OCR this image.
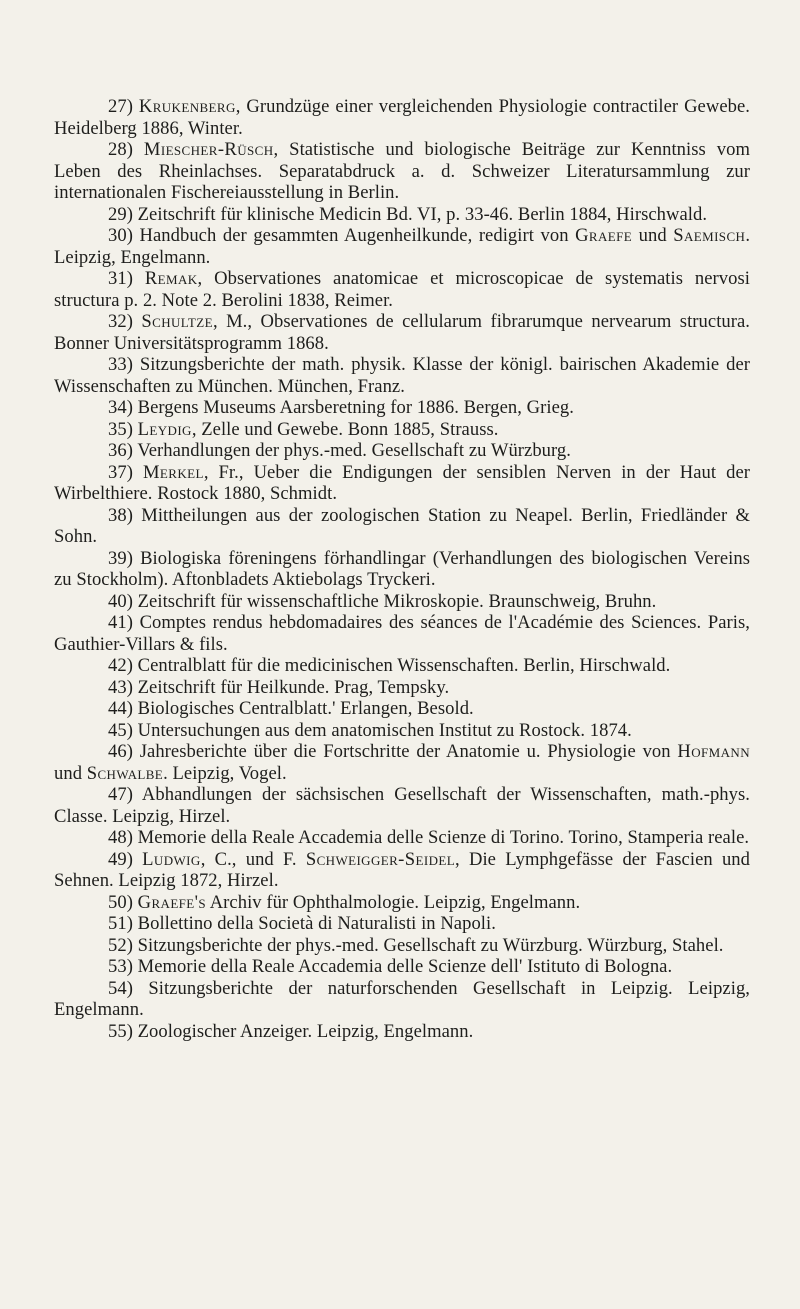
27) Krukenberg, Grundzüge einer vergleichenden Physiologie contractiler Gewebe. Heidelberg 1886, Winter.

28) Miescher-Rüsch, Statistische und biologische Beiträge zur Kenntniss vom Leben des Rheinlachses. Separatabdruck a. d. Schweizer Literatursammlung zur internationalen Fischereiausstellung in Berlin.

29) Zeitschrift für klinische Medicin Bd. VI, p. 33-46. Berlin 1884, Hirschwald.

30) Handbuch der gesammten Augenheilkunde, redigirt von Graefe und Saemisch. Leipzig, Engelmann.

31) Remak, Observationes anatomicae et microscopicae de systematis nervosi structura p. 2. Note 2. Berolini 1838, Reimer.

32) Schultze, M., Observationes de cellularum fibrarumque nervearum structura. Bonner Universitätsprogramm 1868.

33) Sitzungsberichte der math. physik. Klasse der königl. bairischen Akademie der Wissenschaften zu München. München, Franz.

34) Bergens Museums Aarsberetning for 1886. Bergen, Grieg.

35) Leydig, Zelle und Gewebe. Bonn 1885, Strauss.

36) Verhandlungen der phys.-med. Gesellschaft zu Würzburg.

37) Merkel, Fr., Ueber die Endigungen der sensiblen Nerven in der Haut der Wirbelthiere. Rostock 1880, Schmidt.

38) Mittheilungen aus der zoologischen Station zu Neapel. Berlin, Friedländer & Sohn.

39) Biologiska föreningens förhandlingar (Verhandlungen des biologischen Vereins zu Stockholm). Aftonbladets Aktiebolags Tryckeri.

40) Zeitschrift für wissenschaftliche Mikroskopie. Braunschweig, Bruhn.

41) Comptes rendus hebdomadaires des séances de l'Académie des Sciences. Paris, Gauthier-Villars & fils.

42) Centralblatt für die medicinischen Wissenschaften. Berlin, Hirschwald.

43) Zeitschrift für Heilkunde. Prag, Tempsky.

44) Biologisches Centralblatt.' Erlangen, Besold.

45) Untersuchungen aus dem anatomischen Institut zu Rostock. 1874.

46) Jahresberichte über die Fortschritte der Anatomie u. Physiologie von Hofmann und Schwalbe. Leipzig, Vogel.

47) Abhandlungen der sächsischen Gesellschaft der Wissenschaften, math.-phys. Classe. Leipzig, Hirzel.

48) Memorie della Reale Accademia delle Scienze di Torino. Torino, Stamperia reale.

49) Ludwig, C., und F. Schweigger-Seidel, Die Lymphgefässe der Fascien und Sehnen. Leipzig 1872, Hirzel.

50) Graefe's Archiv für Ophthalmologie. Leipzig, Engelmann.

51) Bollettino della Società di Naturalisti in Napoli.

52) Sitzungsberichte der phys.-med. Gesellschaft zu Würzburg. Würzburg, Stahel.

53) Memorie della Reale Accademia delle Scienze dell' Istituto di Bologna.

54) Sitzungsberichte der naturforschenden Gesellschaft in Leipzig. Leipzig, Engelmann.

55) Zoologischer Anzeiger. Leipzig, Engelmann.
